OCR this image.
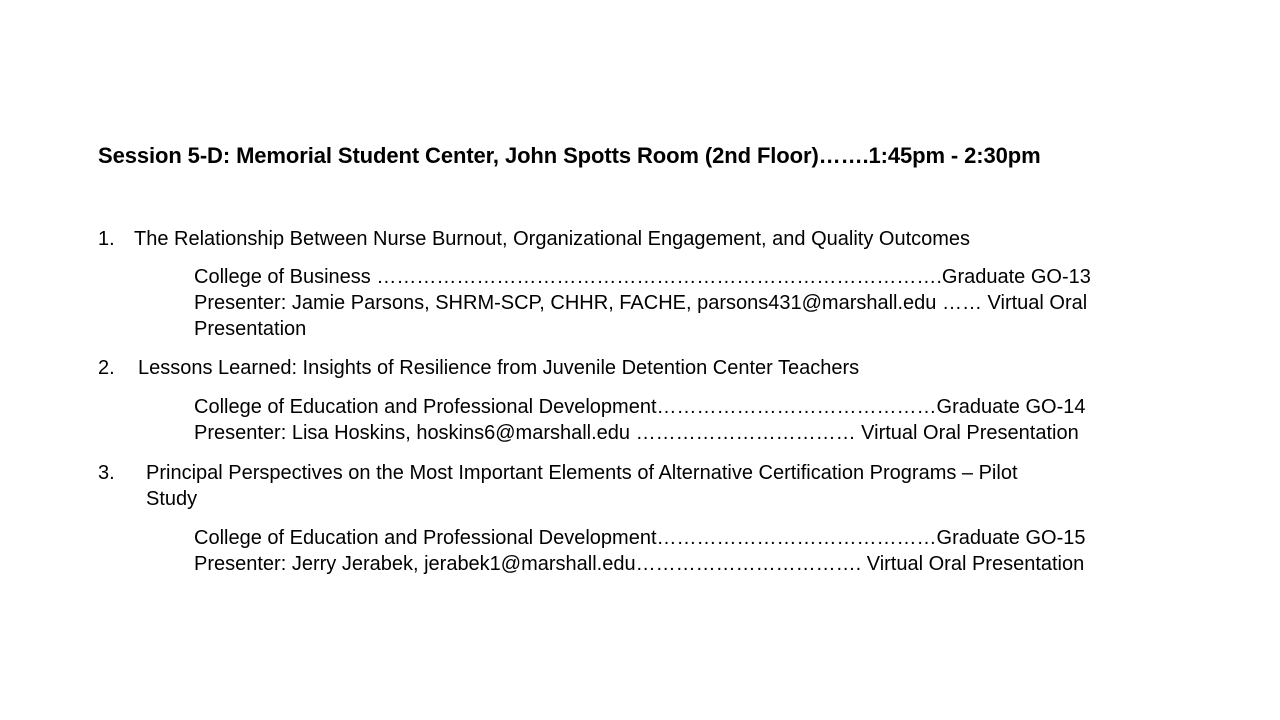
Session 5-D: Memorial Student Center, John Spotts Room (2nd Floor)…….1:45pm - 2:30pm
1. The Relationship Between Nurse Burnout, Organizational Engagement, and Quality Outcomes
College of Business ………………………………………………………………………….Graduate GO-13
Presenter: Jamie Parsons, SHRM-SCP, CHHR, FACHE, parsons431@marshall.edu …… Virtual Oral Presentation
2. Lessons Learned: Insights of Resilience from Juvenile Detention Center Teachers
College of Education and Professional Development……………………………………Graduate GO-14
Presenter: Lisa Hoskins, hoskins6@marshall.edu …………………………… Virtual Oral Presentation
3. Principal Perspectives on the Most Important Elements of Alternative Certification Programs – Pilot
Study
College of Education and Professional Development……………………………………Graduate GO-15
Presenter: Jerry Jerabek, jerabek1@marshall.edu……………………………. Virtual Oral Presentation
